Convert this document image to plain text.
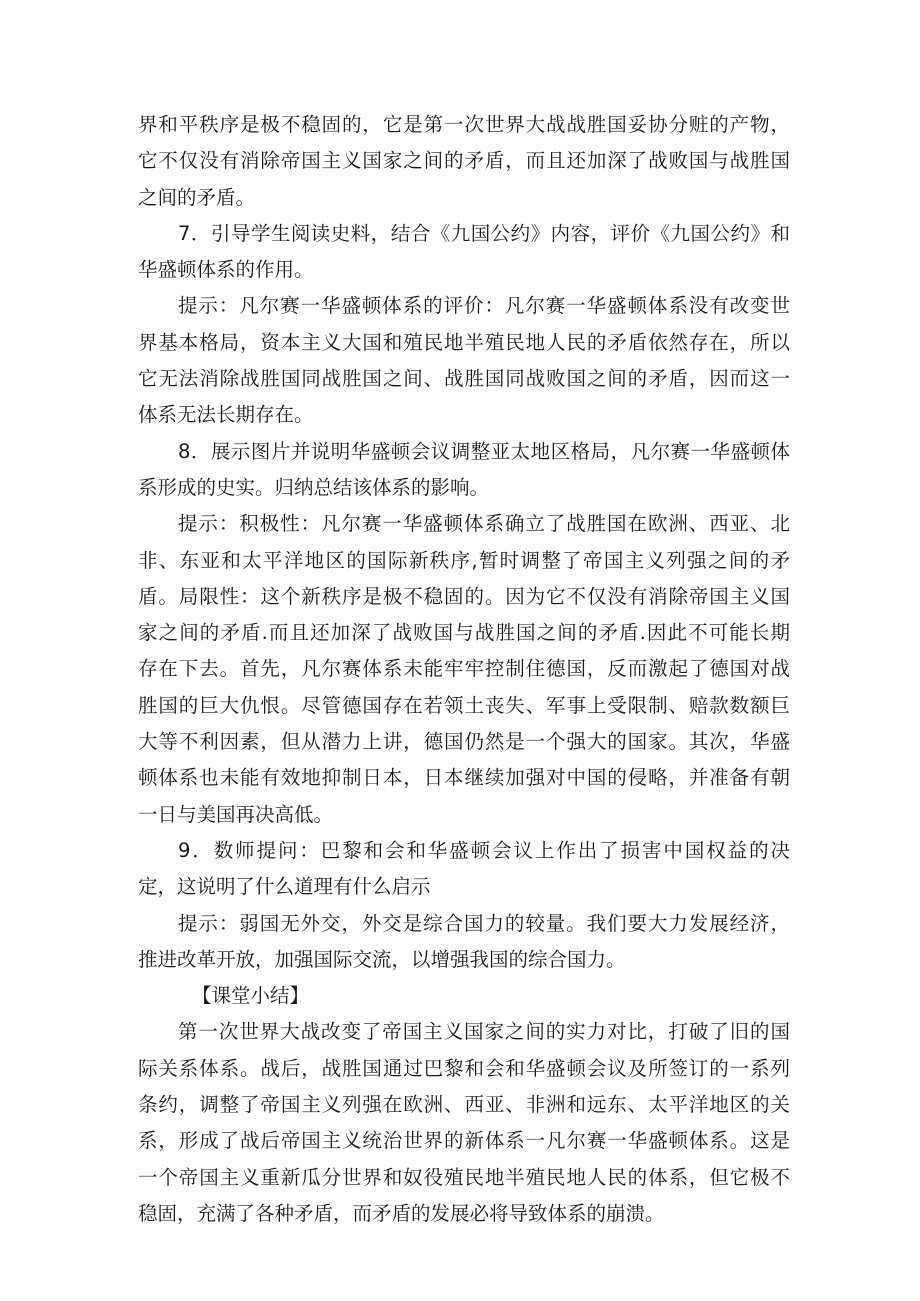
界和平秩序是极不稳固的，它是第一次世界大战战胜国妥协分赃的产物，
它不仅没有消除帝国主义国家之间的矛盾，而且还加深了战败国与战胜国
之间的矛盾。
7．引导学生阅读史料，结合《九国公约》内容，评价《九国公约》和
华盛顿体系的作用。
提示：凡尔赛一华盛顿体系的评价：凡尔赛一华盛顿体系没有改变世
界基本格局，资本主义大国和殖民地半殖民地人民的矛盾依然存在，所以
它无法消除战胜国同战胜国之间、战胜国同战败国之间的矛盾，因而这一
体系无法长期存在。
8．展示图片并说明华盛顿会议调整亚太地区格局，凡尔赛一华盛顿体
系形成的史实。归纳总结该体系的影响。
提示：积极性：凡尔赛一华盛顿体系确立了战胜国在欧洲、西亚、北
非、东亚和太平洋地区的国际新秩序,暂时调整了帝国主义列强之间的矛
盾。局限性：这个新秩序是极不稳固的。因为它不仅没有消除帝国主义国
家之间的矛盾.而且还加深了战败国与战胜国之间的矛盾.因此不可能长期
存在下去。首先，凡尔赛体系未能牢牢控制住德国，反而激起了德国对战
胜国的巨大仇恨。尽管德国存在若领土丧失、军事上受限制、赔款数额巨
大等不利因素，但从潜力上讲，德国仍然是一个强大的国家。其次，华盛
顿体系也未能有效地抑制日本，日本继续加强对中国的侵略，并准备有朝
一日与美国再决高低。
9．数师提问：巴黎和会和华盛顿会议上作出了损害中国权益的决
定，这说明了什么道理有什么启示
提示：弱国无外交，外交是综合国力的较量。我们要大力发展经济，
推进改革开放，加强国际交流，以增强我国的综合国力。
【课堂小结】
第一次世界大战改变了帝国主义国家之间的实力对比，打破了旧的国
际关系体系。战后，战胜国通过巴黎和会和华盛顿会议及所签订的一系列
条约，调整了帝国主义列强在欧洲、西亚、非洲和远东、太平洋地区的关
系，形成了战后帝国主义统治世界的新体系一凡尔赛一华盛顿体系。这是
一个帝国主义重新瓜分世界和奴役殖民地半殖民地人民的体系，但它极不
稳固，充满了各种矛盾，而矛盾的发展必将导致体系的崩溃。
